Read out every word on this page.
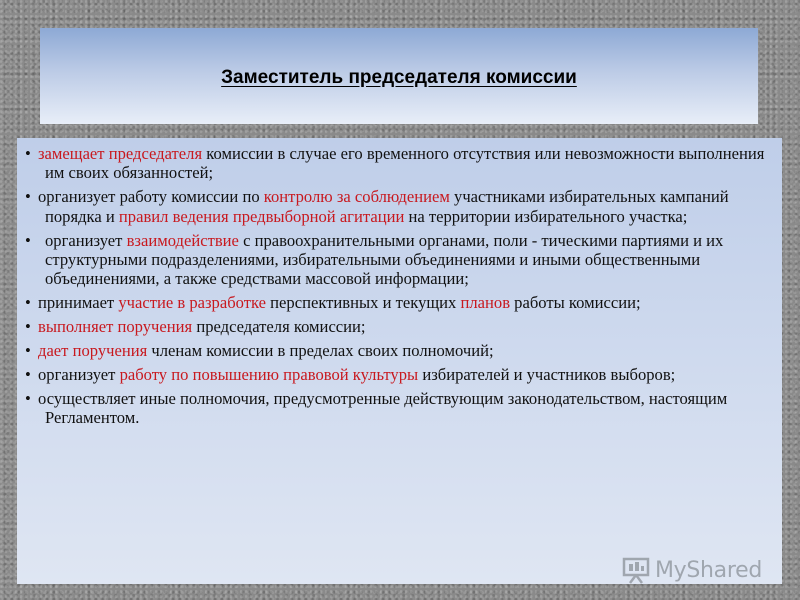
Заместитель председателя комиссии
• замещает председателя комиссии в случае его временного отсутствия или невозможности выполнения им своих обязанностей;
• организует работу комиссии по контролю за соблюдением участниками избирательных кампаний порядка и правил ведения предвыборной агитации на территории избирательного участка;
• организует взаимодействие с правоохранительными органами, поли - тическими партиями и их структурными подразделениями, избирательными объединениями и иными общественными объединениями, а также средствами массовой информации;
• принимает участие в разработке перспективных и текущих планов работы комиссии;
• выполняет поручения председателя комиссии;
• дает поручения членам комиссии в пределах своих полномочий;
• организует работу по повышению правовой культуры избирателей и участников выборов;
• осуществляет иные полномочия, предусмотренные действующим законодательством, настоящим Регламентом.
MyShared
